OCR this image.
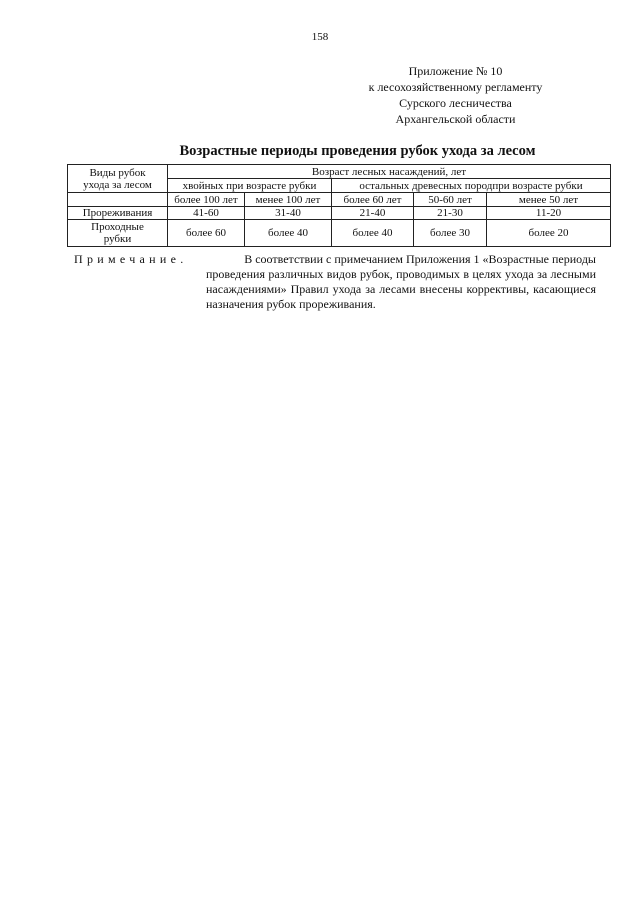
158
Приложение № 10
к лесохозяйственному регламенту
Сурского лесничества
Архангельской области
Возрастные периоды проведения рубок ухода за лесом
Виды рубок
ухода за лесом	Возраст лесных насаждений, лет				
	хвойных при возрасте рубки		остальных древесных породпри возрасте рубки		
	более 100 лет	менее 100 лет	более 60 лет	50-60 лет	менее 50 лет
Прореживания	41-60	31-40	21-40	21-30	11-20

Проходные
рубки	более 60	более 40	более 40	более 30	более 20
Примечание.	В соответствии с примечанием Приложения 1 «Возрастные периоды

проведения различных видов рубок, проводимых в целях ухода за лесными насаждениями» Правил ухода за лесами внесены коррективы, касающиеся назначения рубок прореживания.
